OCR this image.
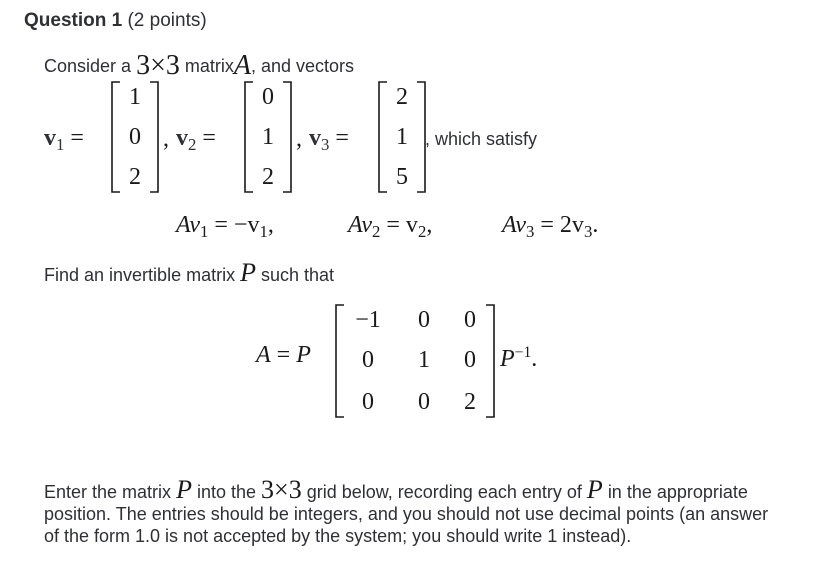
Question 1 (2 points)
Consider a 3×3 matrixA, and vectors
v1 =
1
0
2
, v2 =
0
1
2
, v3 =
2
1
5
, which satisfy
Av1 = −v1,	Av2 = v2,	Av3 = 2v3.
Find an invertible matrix P such that
A = P
−1	0	0
0	1	0
0	0	2
$P^{-1}$.
Enter the matrix P into the 3×3 grid below, recording each entry of P in the appropriate position. The entries should be integers, and you should not use decimal points (an answer of the form 1.0 is not accepted by the system; you should write 1 instead).
